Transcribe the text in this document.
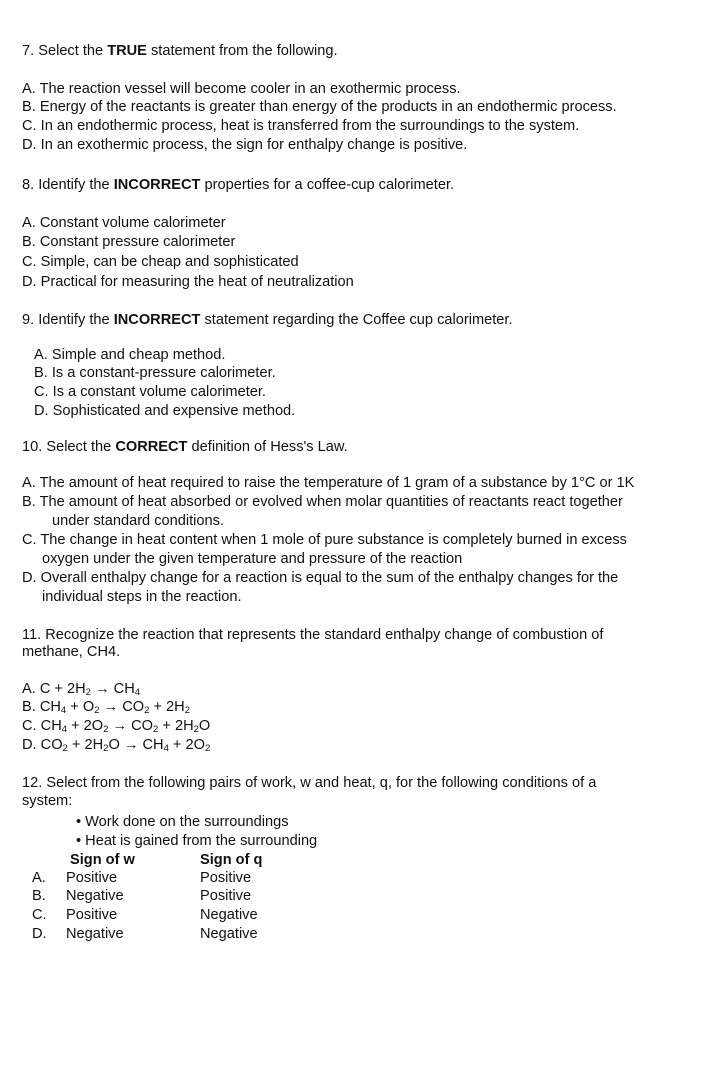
7. Select the TRUE statement from the following.
A. The reaction vessel will become cooler in an exothermic process.
B. Energy of the reactants is greater than energy of the products in an endothermic process.
C. In an endothermic process, heat is transferred from the surroundings to the system.
D. In an exothermic process, the sign for enthalpy change is positive.
8. Identify the INCORRECT properties for a coffee-cup calorimeter.
A. Constant volume calorimeter
B. Constant pressure calorimeter
C. Simple, can be cheap and sophisticated
D. Practical for measuring the heat of neutralization
9. Identify the INCORRECT statement regarding the Coffee cup calorimeter.
A. Simple and cheap method.
B. Is a constant-pressure calorimeter.
C. Is a constant volume calorimeter.
D. Sophisticated and expensive method.
10. Select the CORRECT definition of Hess's Law.
A. The amount of heat required to raise the temperature of 1 gram of a substance by 1°C or 1K
B. The amount of heat absorbed or evolved when molar quantities of reactants react together
under standard conditions.
C. The change in heat content when 1 mole of pure substance is completely burned in excess
oxygen under the given temperature and pressure of the reaction
D. Overall enthalpy change for a reaction is equal to the sum of the enthalpy changes for the
individual steps in the reaction.
11. Recognize the reaction that represents the standard enthalpy change of combustion of
methane, CH4.
A. $C + 2H_2 \to CH_4$
B. $CH_4 + O_2 \to CO_2 + 2H_2$
C. $CH_4 + 2O_2 \to CO_2 + 2H_2O$
D. $CO_2 + 2H_2O \to CH_4 + 2O_2$
12. Select from the following pairs of work, w and heat, q, for the following conditions of a
system:
• Work done on the surroundings
• Heat is gained from the surrounding
Sign of w	Sign of q
A. Positive	Positive
B. Negative	Positive
C. Positive	Negative
D. Negative	Negative
